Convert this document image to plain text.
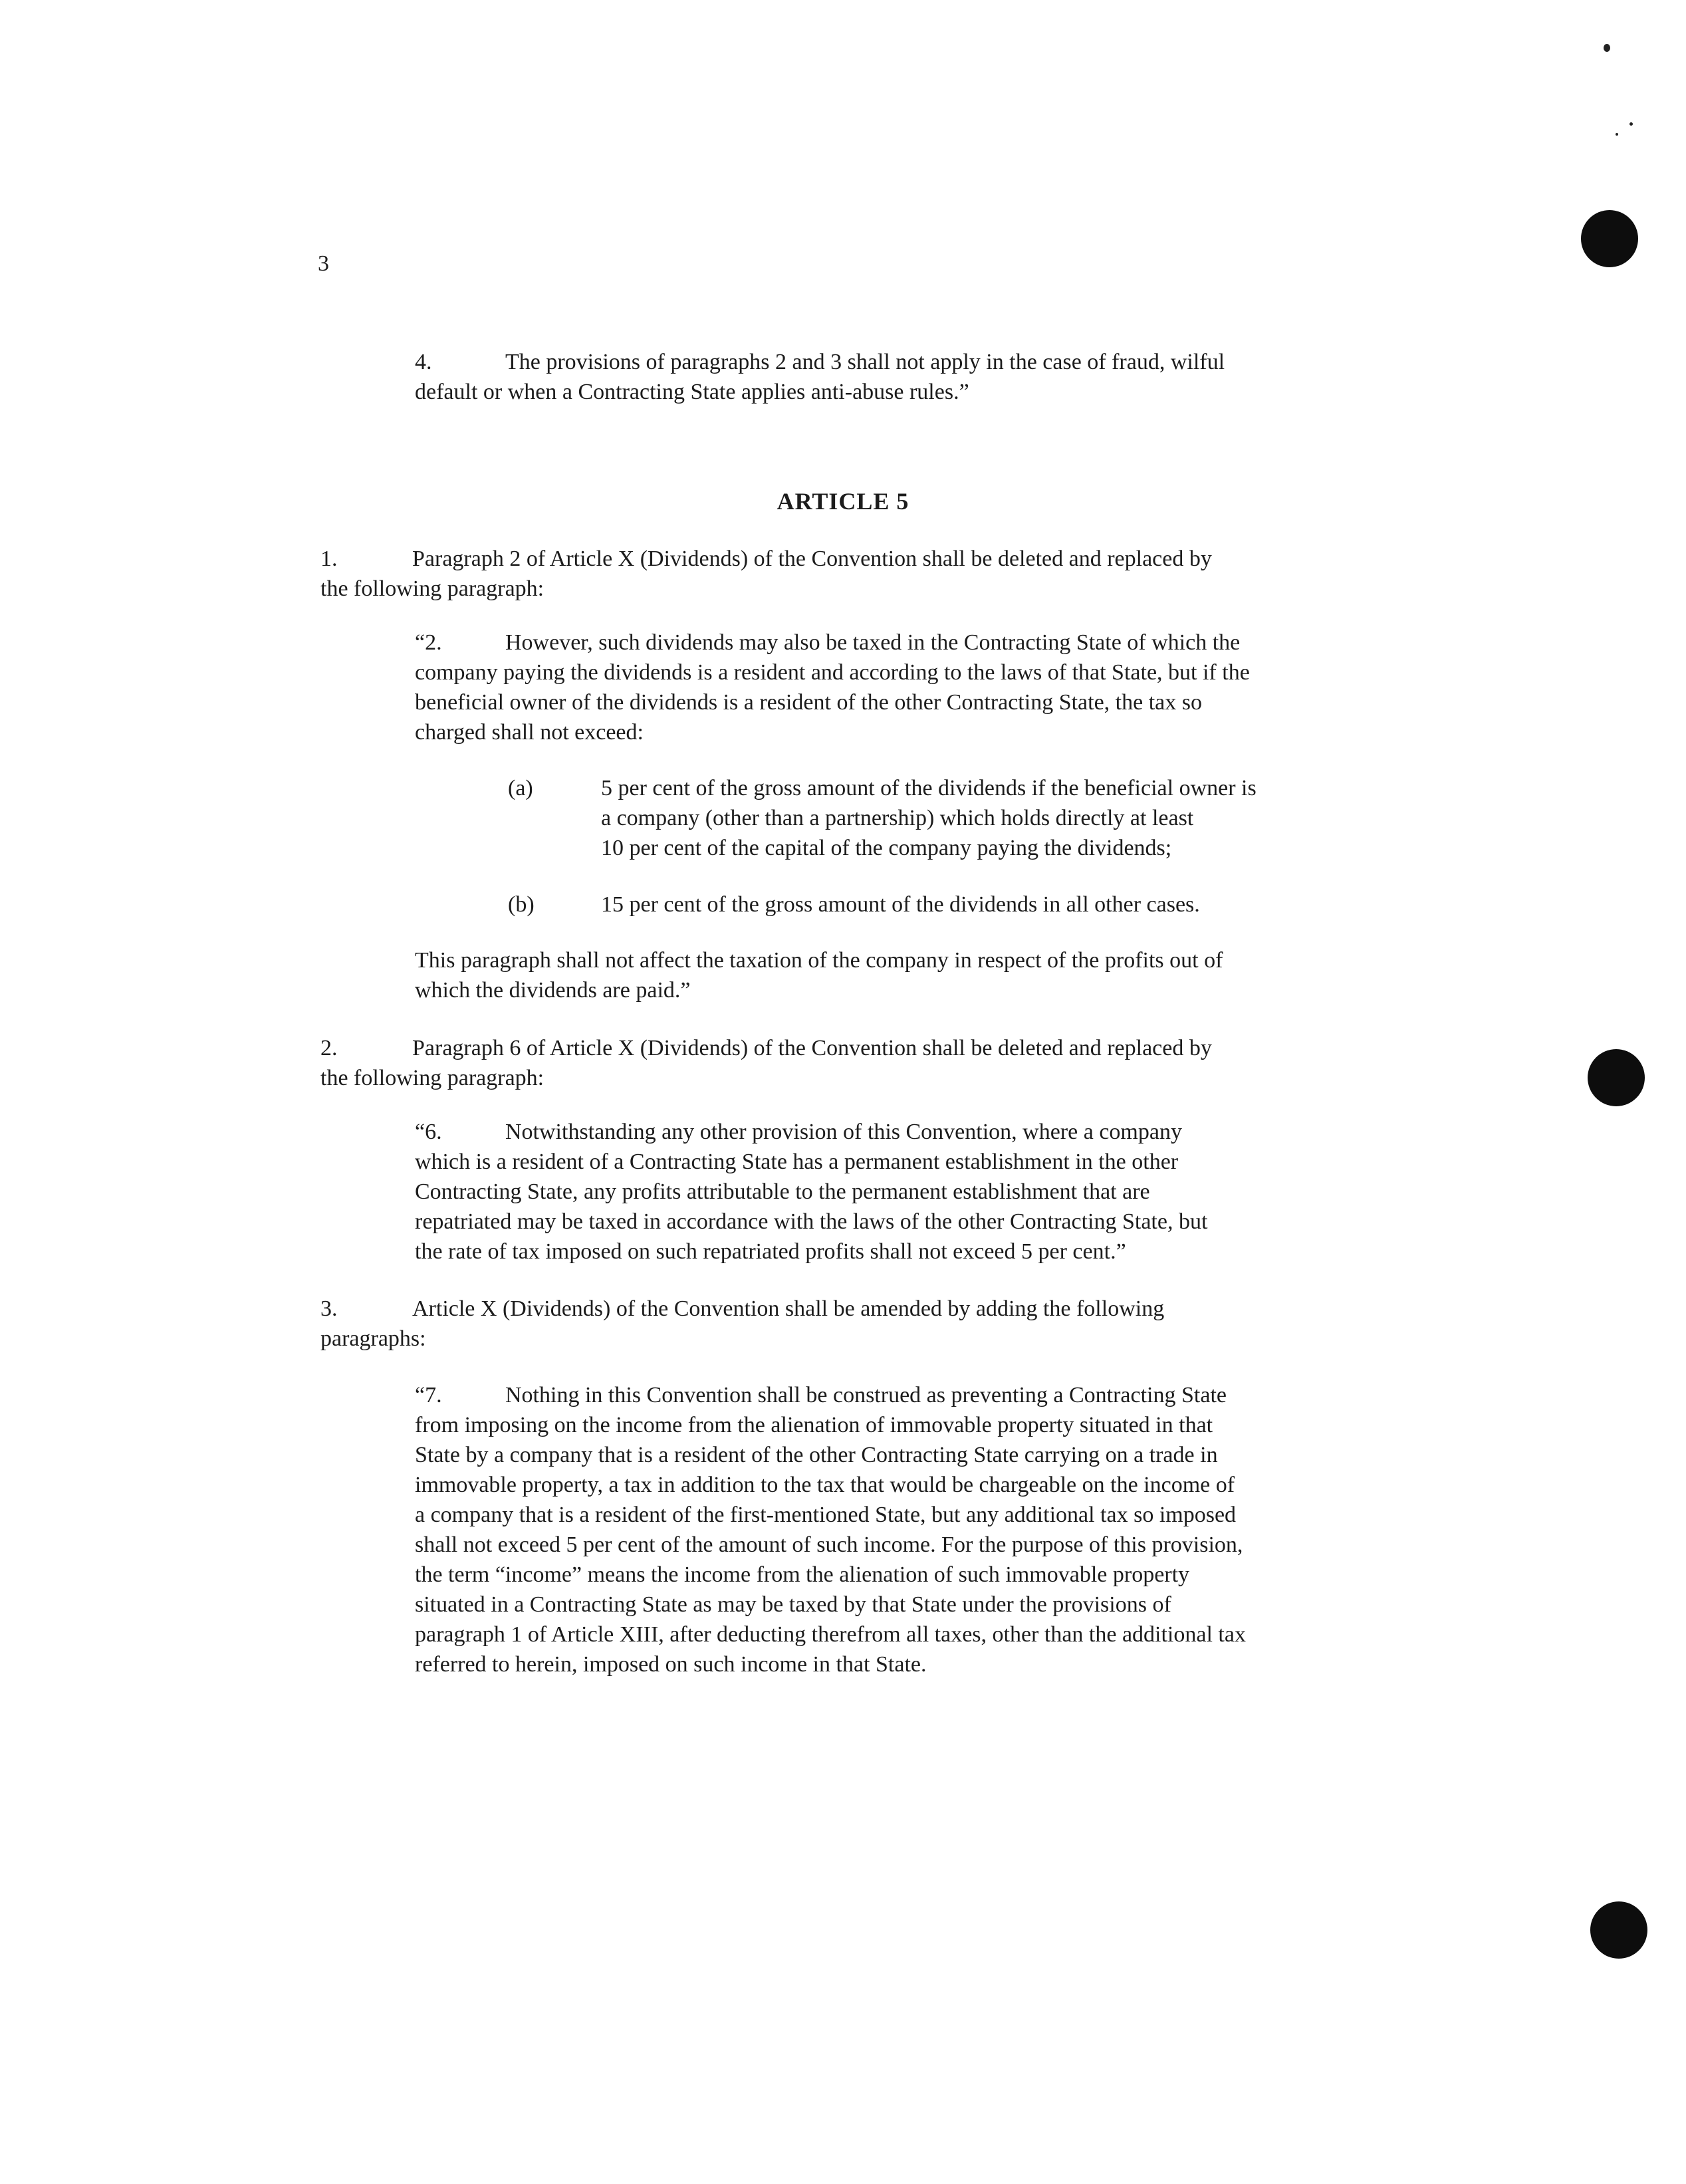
3
4.	The provisions of paragraphs 2 and 3 shall not apply in the case of fraud, wilful
default or when a Contracting State applies anti-abuse rules.”
ARTICLE 5
1.	Paragraph 2 of Article X (Dividends) of the Convention shall be deleted and replaced by
the following paragraph:
“2.	However, such dividends may also be taxed in the Contracting State of which the
company paying the dividends is a resident and according to the laws of that State, but if the
beneficial owner of the dividends is a resident of the other Contracting State, the tax so
charged shall not exceed:
(a)	5 per cent of the gross amount of the dividends if the beneficial owner is
a company (other than a partnership) which holds directly at least
10 per cent of the capital of the company paying the dividends;
(b)	15 per cent of the gross amount of the dividends in all other cases.
This paragraph shall not affect the taxation of the company in respect of the profits out of
which the dividends are paid.”
2.	Paragraph 6 of Article X (Dividends) of the Convention shall be deleted and replaced by
the following paragraph:
“6.	Notwithstanding any other provision of this Convention, where a company
which is a resident of a Contracting State has a permanent establishment in the other
Contracting State, any profits attributable to the permanent establishment that are
repatriated may be taxed in accordance with the laws of the other Contracting State, but
the rate of tax imposed on such repatriated profits shall not exceed 5 per cent.”
3.	Article X (Dividends) of the Convention shall be amended by adding the following
paragraphs:
“7.	Nothing in this Convention shall be construed as preventing a Contracting State
from imposing on the income from the alienation of immovable property situated in that
State by a company that is a resident of the other Contracting State carrying on a trade in
immovable property, a tax in addition to the tax that would be chargeable on the income of
a company that is a resident of the first-mentioned State, but any additional tax so imposed
shall not exceed 5 per cent of the amount of such income. For the purpose of this provision,
the term “income” means the income from the alienation of such immovable property
situated in a Contracting State as may be taxed by that State under the provisions of
paragraph 1 of Article XIII, after deducting therefrom all taxes, other than the additional tax
referred to herein, imposed on such income in that State.
